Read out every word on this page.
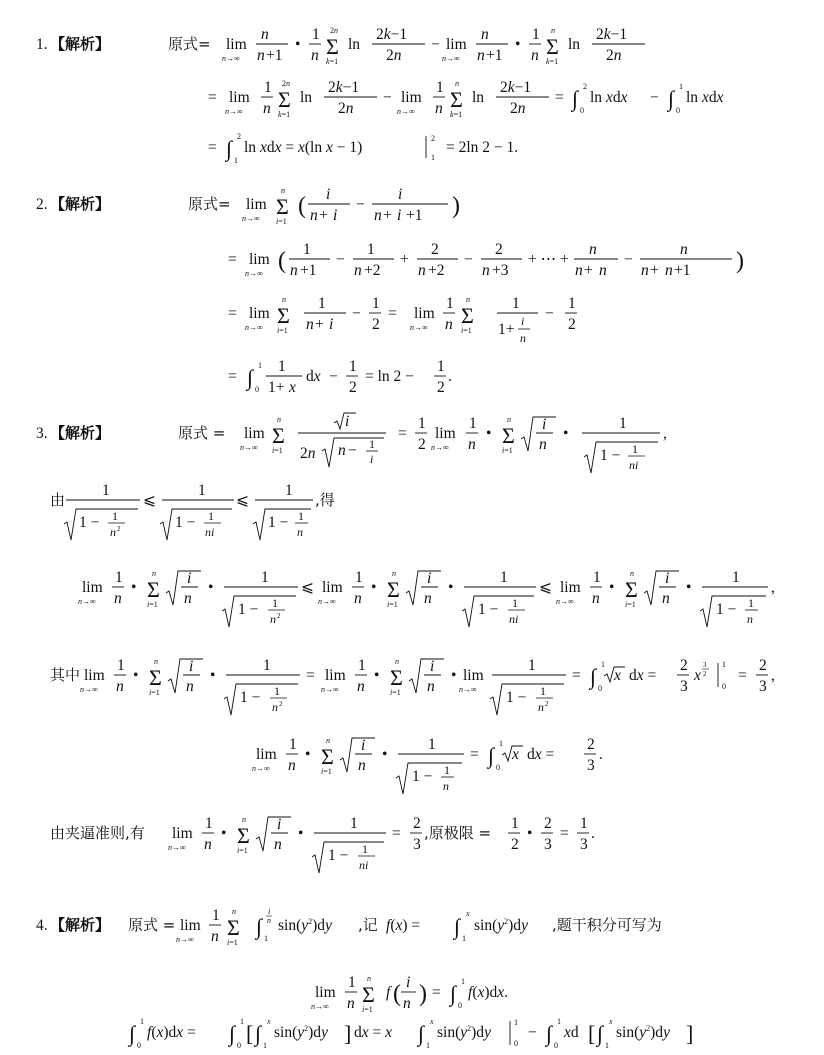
1. 【解析】	原式= lim
n→∞
n
n +1
•
1
n Σ
2n
k=1
ln
2k−1
2n
− lim
n→∞
n
n +1
•
1
n Σ
n
k=1
ln
2k−1
2n
= lim
n→∞
1
n Σ
2n
k=1
ln
2k−1
2n
− lim
n→∞
1
n Σ
n
k=1
ln
2k−1
2n
= ∫ 2
0
ln xdx − ∫ 1
0
ln xdx
= ∫ 2
1
ln xdx = x(ln x − 1)
2
1
= 2ln 2 − 1.
2. 【解析】	原式= lim
n→∞ Σ
n
i=1
( i
n + i
−
i
n + i +1 )
= lim
n→∞ ( 1
n +1
−
1
n +2
+
2
n +2
−
2
n +3
+ ⋯ +
n
n + n
−
n
n + n +1 )
= lim
n→∞ Σ
n
i=1
1
n + i
−
1
2
= lim
n→∞
1
n Σ
n
i=1
1
1+ i
n
−
1
2
= ∫ 1
0
1
1+ x
dx −
1
2
= ln 2 −
1
2
.
3. 【解析】	原式 = lim
n→∞ Σ
n
i=1
i
2n n − 1
i
=
1
2
lim
n→∞
1
n
• Σ
n
i=1
i
n
•
1
1 − 1
ni
,
由
1
1 − 1
n 2
⩽
1
1 − 1
ni
⩽
1
1 − 1
n
,得
lim
n→∞
1
n
• Σ
n
i=1
i
n
•
1
1 − 1
n 2
⩽ lim
n→∞
1
n
• Σ
n
i=1
i
n
•
1
1 − 1
ni
⩽ lim
n→∞
1
n
• Σ
n
i=1
i
n
•
1
1 − 1
n
,
其中 lim
n→∞
1
n
• Σ
n
i=1
i
n
•
1
1 − 1
n 2
= lim
n→∞
1
n
• Σ
n
i=1
i
n
• lim
n→∞
1
1 − 1
n 2
= ∫ 1
0
x dx =
2
3
x
3
2
1
0
=
2
3
,
lim
n→∞
1
n
• Σ
n
i=1
i
n
•
1
1 − 1
n
= ∫ 1
0
x dx =
2
3
.
由夹逼准则,有 lim
n→∞
1
n
• Σ
n
i=1
i
n
•
1
1 − 1
ni
=
2
3
,原极限 =
1
2
•
2
3
=
1
3
.
4. 【解析】 原式 = lim
n→∞
1
n Σ
n
i=1
∫
i
n
1
$\sin(y^2)dy$ ,记 f(x) = ∫
x
1
$\sin(y^2)dy$ ,题干积分可写为
lim
n→∞
1
n Σ
n
i=1
f ( i
n ) = ∫ 1
0
f(x)dx.
∫ 1
0
f(x)dx = ∫ 1
0 [ ∫ x
1
$\sin(y^2)dy$ ] dx = x ∫ x
1
$\sin(y^2)dy$
1
0
− ∫ 1
0
xd [ ∫ x
1
$\sin(y^2)dy$ ]
